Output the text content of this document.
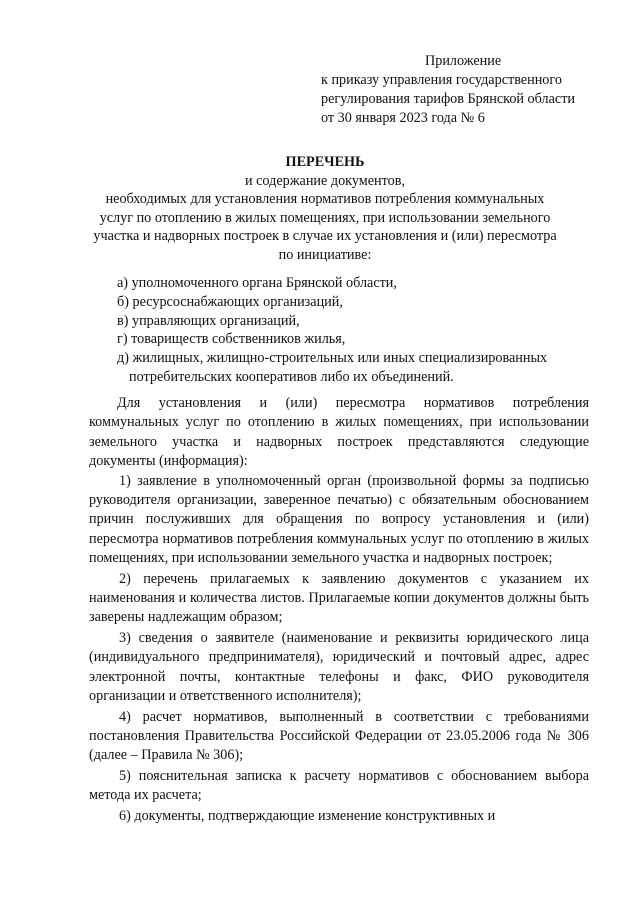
Приложение
к приказу управления государственного
регулирования тарифов Брянской области
от 30 января 2023 года № 6
ПЕРЕЧЕНЬ
и содержание документов,
необходимых для установления нормативов потребления коммунальных
услуг по отоплению в жилых помещениях, при использовании земельного
участка и надворных построек в случае их установления и (или) пересмотра
по инициативе:
а) уполномоченного органа Брянской области,
б) ресурсоснабжающих организаций,
в) управляющих организаций,
г) товариществ собственников жилья,
д) жилищных, жилищно-строительных или иных специализированных
потребительских кооперативов либо их объединений.

Для установления и (или) пересмотра нормативов потребления коммунальных услуг по отоплению в жилых помещениях, при использовании земельного участка и надворных построек представляются следующие документы (информация):

1) заявление в уполномоченный орган (произвольной формы за подписью руководителя организации, заверенное печатью) с обязательным обоснованием причин послуживших для обращения по вопросу установления и (или) пересмотра нормативов потребления коммунальных услуг по отоплению в жилых помещениях, при использовании земельного участка и надворных построек;

2) перечень прилагаемых к заявлению документов с указанием их наименования и количества листов. Прилагаемые копии документов должны быть заверены надлежащим образом;

3) сведения о заявителе (наименование и реквизиты юридического лица (индивидуального предпринимателя), юридический и почтовый адрес, адрес электронной почты, контактные телефоны и факс, ФИО руководителя организации и ответственного исполнителя);

4) расчет нормативов, выполненный в соответствии с требованиями постановления Правительства Российской Федерации от 23.05.2006 года № 306 (далее – Правила № 306);

5) пояснительная записка к расчету нормативов с обоснованием выбора метода их расчета;

6) документы, подтверждающие изменение конструктивных и
